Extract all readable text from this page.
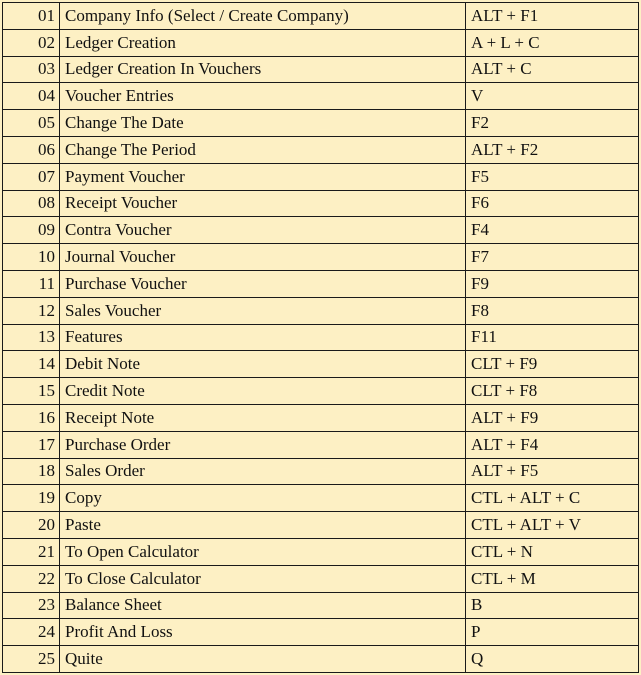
01	Company Info (Select / Create Company)	ALT + F1
02	Ledger Creation	A + L + C
03	Ledger Creation In Vouchers	ALT + C
04	Voucher Entries	V
05	Change The Date	F2
06	Change The Period	ALT + F2
07	Payment Voucher	F5
08	Receipt Voucher	F6
09	Contra Voucher	F4
10	Journal Voucher	F7
11	Purchase Voucher	F9
12	Sales Voucher	F8
13	Features	F11
14	Debit Note	CLT + F9
15	Credit Note	CLT + F8
16	Receipt Note	ALT + F9
17	Purchase Order	ALT + F4
18	Sales Order	ALT + F5
19	Copy	CTL + ALT + C
20	Paste	CTL + ALT + V
21	To Open Calculator	CTL + N
22	To Close Calculator	CTL + M
23	Balance Sheet	B
24	Profit And Loss	P
25	Quite	Q
